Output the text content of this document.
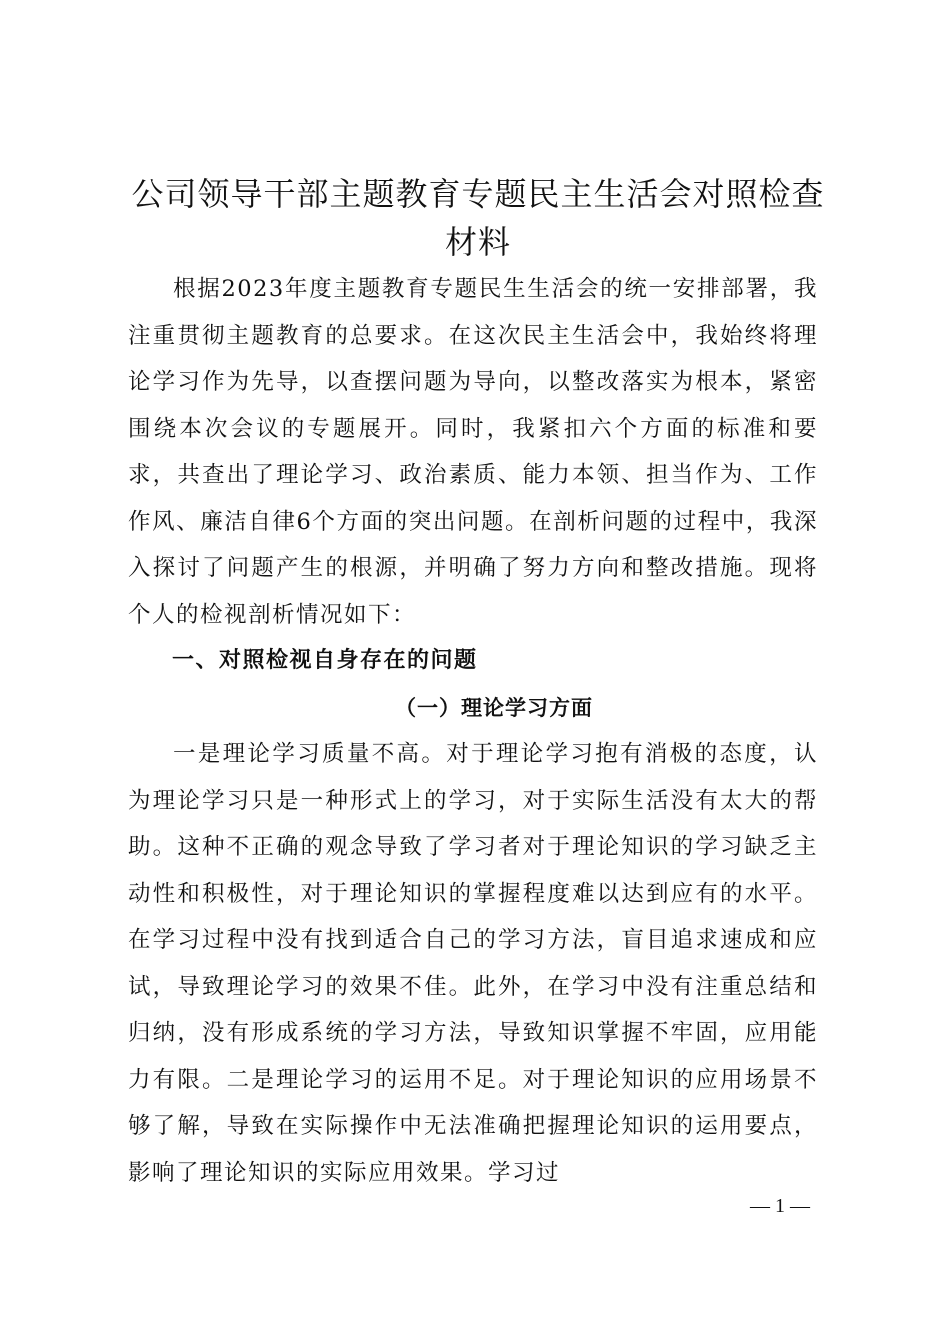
公司领导干部主题教育专题民主生活会对照检查材料

根据2023年度主题教育专题民生生活会的统一安排部署，我注重贯彻主题教育的总要求。在这次民主生活会中，我始终将理论学习作为先导，以查摆问题为导向，以整改落实为根本，紧密围绕本次会议的专题展开。同时，我紧扣六个方面的标准和要求，共查出了理论学习、政治素质、能力本领、担当作为、工作作风、廉洁自律6个方面的突出问题。在剖析问题的过程中，我深入探讨了问题产生的根源，并明确了努力方向和整改措施。现将个人的检视剖析情况如下：

一、对照检视自身存在的问题

（一）理论学习方面

一是理论学习质量不高。对于理论学习抱有消极的态度，认为理论学习只是一种形式上的学习，对于实际生活没有太大的帮助。这种不正确的观念导致了学习者对于理论知识的学习缺乏主动性和积极性，对于理论知识的掌握程度难以达到应有的水平。在学习过程中没有找到适合自己的学习方法，盲目追求速成和应试，导致理论学习的效果不佳。此外，在学习中没有注重总结和归纳，没有形成系统的学习方法，导致知识掌握不牢固，应用能力有限。二是理论学习的运用不足。对于理论知识的应用场景不够了解，导致在实际操作中无法准确把握理论知识的运用要点，影响了理论知识的实际应用效果。学习过

— 1 —
